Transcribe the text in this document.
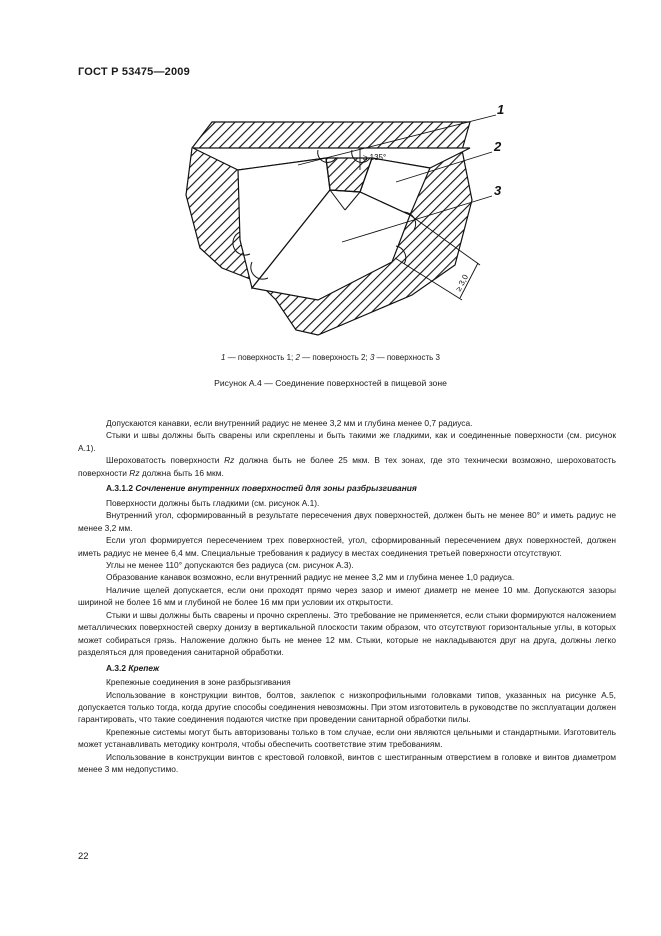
ГОСТ Р 53475—2009
1
2
3
≥ 135°
≥ 3,0
1 — поверхность 1; 2 — поверхность 2; 3 — поверхность 3
Рисунок А.4 — Соединение поверхностей в пищевой зоне

Допускаются канавки, если внутренний радиус не менее 3,2 мм и глубина менее 0,7 радиуса.

Стыки и швы должны быть сварены или скреплены и быть такими же гладкими, как и соединенные поверхности (см. рисунок А.1).

Шероховатость поверхности Rz должна быть не более 25 мкм. В тех зонах, где это технически возможно, шероховатость поверхности Rz должна быть 16 мкм.

А.3.1.2 Сочленение внутренних поверхностей для зоны разбрызгивания

Поверхности должны быть гладкими (см. рисунок А.1).

Внутренний угол, сформированный в результате пересечения двух поверхностей, должен быть не менее 80° и иметь радиус не менее 3,2 мм.

Если угол формируется пересечением трех поверхностей, угол, сформированный пересечением двух поверхностей, должен иметь радиус не менее 6,4 мм. Специальные требования к радиусу в местах соединения третьей поверхности отсутствуют.

Углы не менее 110° допускаются без радиуса (см. рисунок А.3).

Образование канавок возможно, если внутренний радиус не менее 3,2 мм и глубина менее 1,0 радиуса.

Наличие щелей допускается, если они проходят прямо через зазор и имеют диаметр не менее 10 мм. Допускаются зазоры шириной не более 16 мм и глубиной не более 16 мм при условии их открытости.

Стыки и швы должны быть сварены и прочно скреплены. Это требование не применяется, если стыки формируются наложением металлических поверхностей сверху донизу в вертикальной плоскости таким образом, что отсутствуют горизонтальные углы, в которых может собираться грязь. Наложение должно быть не менее 12 мм. Стыки, которые не накладываются друг на друга, должны легко разделяться для проведения санитарной обработки.

А.3.2 Крепеж

Крепежные соединения в зоне разбрызгивания

Использование в конструкции винтов, болтов, заклепок с низкопрофильными головками типов, указанных на рисунке А.5, допускается только тогда, когда другие способы соединения невозможны. При этом изготовитель в руководстве по эксплуатации должен гарантировать, что такие соединения подаются чистке при проведении санитарной обработки пилы.

Крепежные системы могут быть авторизованы только в том случае, если они являются цельными и стандартными. Изготовитель может устанавливать методику контроля, чтобы обеспечить соответствие этим требованиям.

Использование в конструкции винтов с крестовой головкой, винтов с шестигранным отверстием в головке и винтов диаметром менее 3 мм недопустимо.

22
